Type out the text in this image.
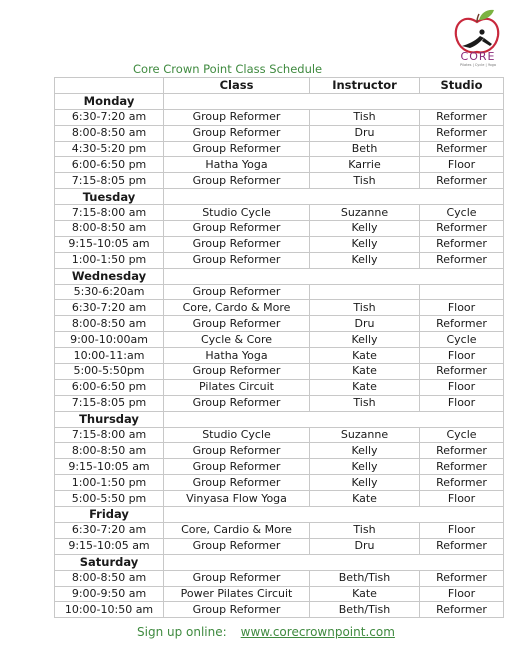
CORE
Pilates | Cycle | Yoga
Core Crown Point Class Schedule
	Class	Instructor	Studio
Monday			
6:30-7:20 am	Group Reformer	Tish	Reformer
8:00-8:50 am	Group Reformer	Dru	Reformer
4:30-5:20 pm	Group Reformer	Beth	Reformer
6:00-6:50 pm	Hatha Yoga	Karrie	Floor
7:15-8:05 pm	Group Reformer	Tish	Reformer
Tuesday			
7:15-8:00 am	Studio Cycle	Suzanne	Cycle
8:00-8:50 am	Group Reformer	Kelly	Reformer
9:15-10:05 am	Group Reformer	Kelly	Reformer
1:00-1:50 pm	Group Reformer	Kelly	Reformer
Wednesday			
5:30-6:20am	Group Reformer		
6:30-7:20 am	Core, Cardo & More	Tish	Floor
8:00-8:50 am	Group Reformer	Dru	Reformer
9:00-10:00am	Cycle & Core	Kelly	Cycle
10:00-11:am	Hatha Yoga	Kate	Floor
5:00-5:50pm	Group Reformer	Kate	Reformer
6:00-6:50 pm	Pilates Circuit	Kate	Floor
7:15-8:05 pm	Group Reformer	Tish	Floor
Thursday			
7:15-8:00 am	Studio Cycle	Suzanne	Cycle
8:00-8:50 am	Group Reformer	Kelly	Reformer
9:15-10:05 am	Group Reformer	Kelly	Reformer
1:00-1:50 pm	Group Reformer	Kelly	Reformer
5:00-5:50 pm	Vinyasa Flow Yoga	Kate	Floor
Friday			
6:30-7:20 am	Core, Cardio & More	Tish	Floor
9:15-10:05 am	Group Reformer	Dru	Reformer
Saturday			
8:00-8:50 am	Group Reformer	Beth/Tish	Reformer
9:00-9:50 am	Power Pilates Circuit	Kate	Floor
10:00-10:50 am	Group Reformer	Beth/Tish	Reformer
Sign up online: www.corecrownpoint.com
